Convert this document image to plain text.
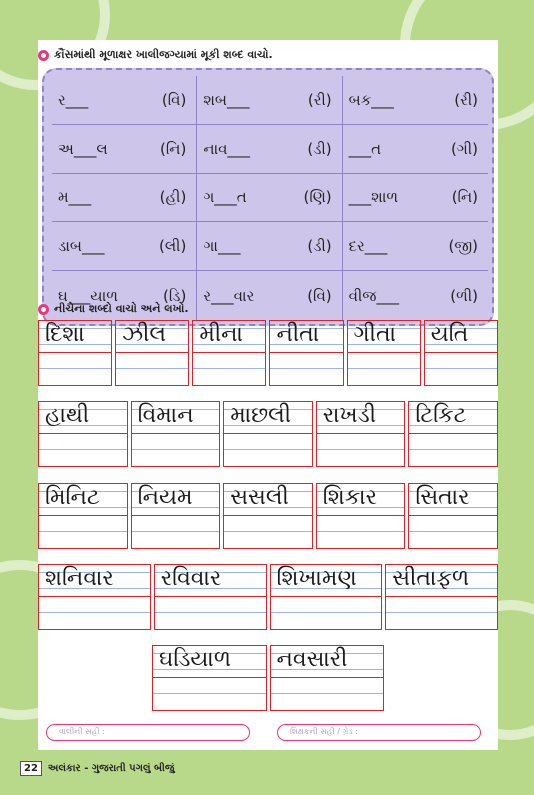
કૌંસમાંથી મૂળાક્ષર ખાલીજગ્યામાં મૂકી શબ્દ વાચો.
ર___	(વિ) શબ___	(રી) બક___	(રી)
અ___લ	(નિ) નાવ___	(ડી) ___ત	(ગી)
મ___	(હી) ગ___ત	(ણિ) ___શાળ	(નિ)
ડાબ___	(લી) ગા___	(ડી) દર___	(જી)
ઘ___યાળ	(ડિ) ર___વાર	(વિ) વીજ___	(ળી)
નીચેના શબ્દો વાચો અને લખો.
દિશા ઝીલ મીના નીતા ગીતા યતિ
હાથી વિમાન માછલી રાખડી ટિકિટ
મિનિટ નિયમ સસલી શિકાર સિતાર
શનિવાર રવિવાર	શિખામણ સીતાફળ
ઘડિયાળ નવસારી
વાલીની સહી :	શિક્ષકની સહી / ગ્રેડ :
22	અલંકાર - ગુજરાતી પગલું બીજું
